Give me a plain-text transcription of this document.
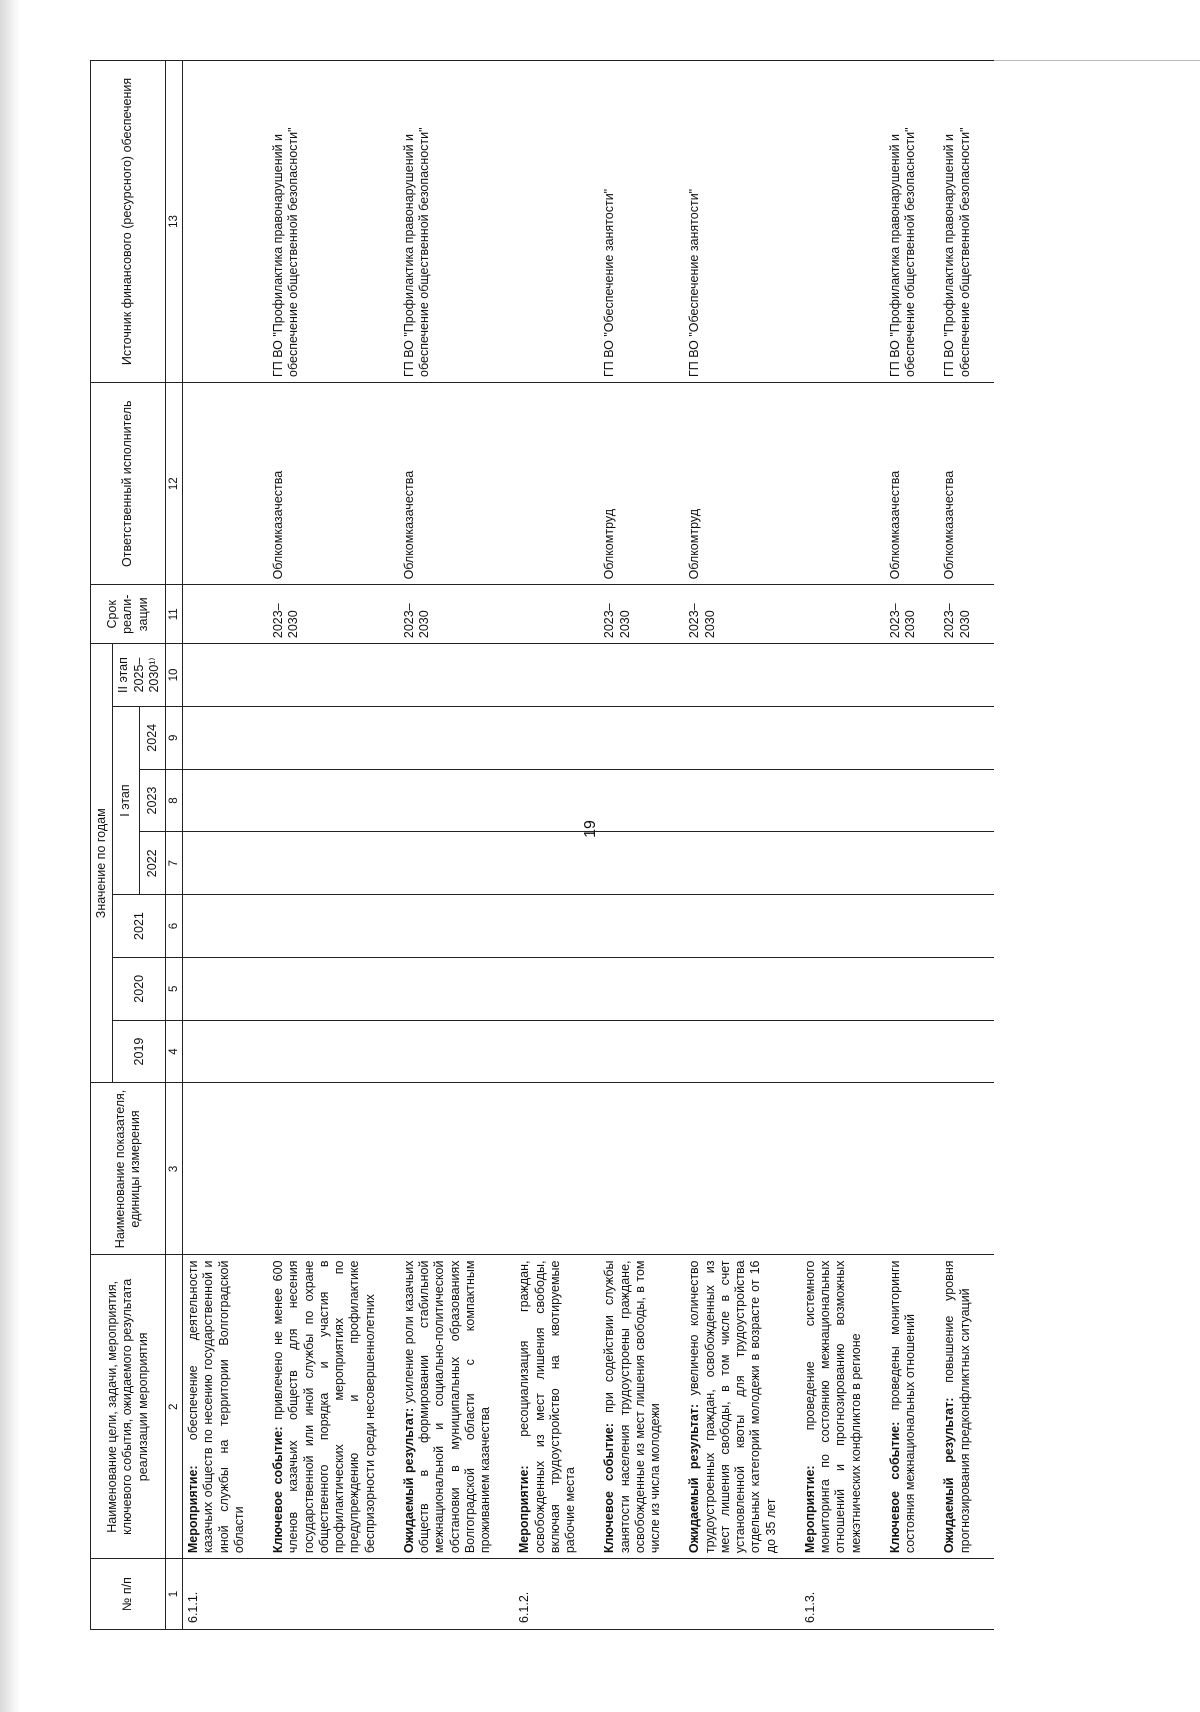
19
№ п/п	Наименование цели, задачи, мероприятия, ключевого события, ожидаемого результата реализации мероприятия	Наименование показателя, единицы измерения	Значение по годам							Срок реали-зации	Ответственный исполнитель	Источник финансового (ресурсного) обеспечения
			2019	2020	2021	I этап			II этап 2025–2030¹⁾			
						2022	2023	2024				
1	2	3	4	5	6	7	8	9	10	11	12	13
6.1.1.	Мероприятие: обеспечение деятельности казачьих обществ по несению государственной и иной службы на территории Волгоградской области											

	Ключевое событие: привлечено не менее 600 членов казачьих обществ для несения государственной или иной службы по охране общественного порядка и участия в профилактических мероприятиях по предупреждению и профилактике беспризорности среди несовершеннолетних									2023–2030	Облкомказачества	ГП ВО "Профилактика правонарушений и обеспечение общественной безопасности"

	Ожидаемый результат: усиление роли казачьих обществ в формировании стабильной межнациональной и социально-политической обстановки в муниципальных образованиях Волгоградской области с компактным проживанием казачества									2023–2030	Облкомказачества	ГП ВО "Профилактика правонарушений и обеспечение общественной безопасности"
6.1.2.	Мероприятие: ресоциализация граждан, освобожденных из мест лишения свободы, включая трудоустройство на квотируемые рабочие места											

	Ключевое событие: при содействии службы занятости населения трудоустроены граждане, освобожденные из мест лишения свободы, в том числе из числа молодежи									2023–2030	Облкомтруд	ГП ВО "Обеспечение занятости"

	Ожидаемый результат: увеличено количество трудоустроенных граждан, освобожденных из мест лишения свободы, в том числе в счет установленной квоты для трудоустройства отдельных категорий молодежи в возрасте от 16 до 35 лет									2023–2030	Облкомтруд	ГП ВО "Обеспечение занятости"
6.1.3.	Мероприятие: проведение системного мониторинга по состоянию межнациональных отношений и прогнозированию возможных межэтнических конфликтов в регионе											

	Ключевое событие: проведены мониторинги состояния межнациональных отношений									2023–2030	Облкомказачества	ГП ВО "Профилактика правонарушений и обеспечение общественной безопасности"

	Ожидаемый результат: повышение уровня прогнозирования предконфликтных ситуаций									2023–2030	Облкомказачества	ГП ВО "Профилактика правонарушений и обеспечение общественной безопасности"
